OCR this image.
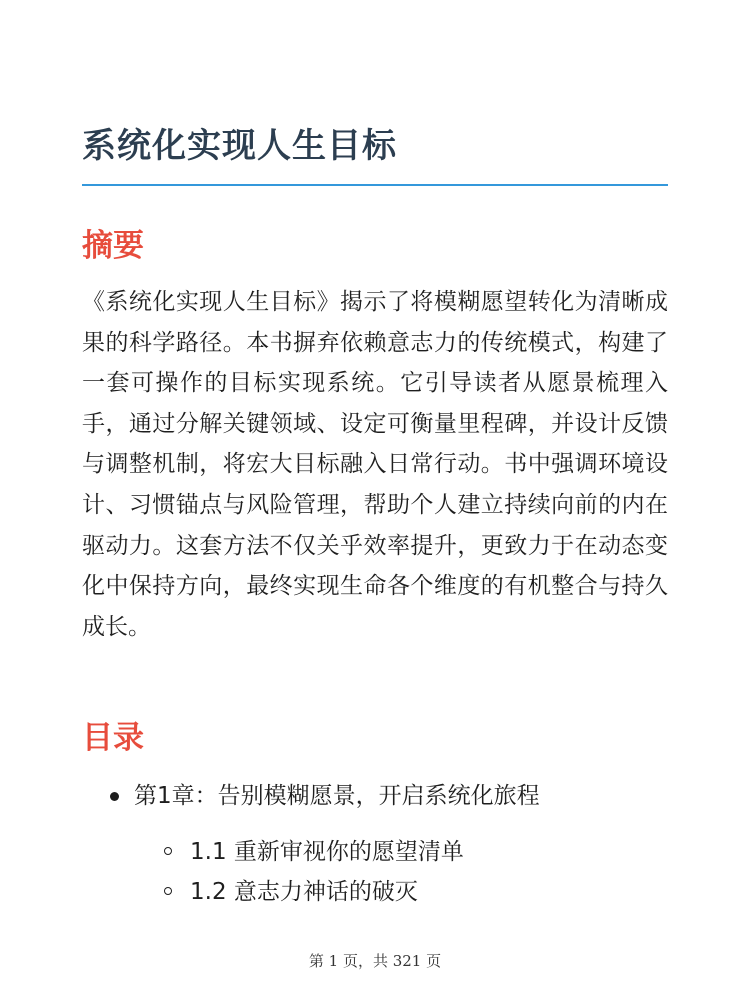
系统化实现人生目标
摘要

《系统化实现人生目标》揭示了将模糊愿望转化为清晰成果的科学路径。本书摒弃依赖意志力的传统模式，构建了一套可操作的目标实现系统。它引导读者从愿景梳理入手，通过分解关键领域、设定可衡量里程碑，并设计反馈与调整机制，将宏大目标融入日常行动。书中强调环境设计、习惯锚点与风险管理，帮助个人建立持续向前的内在驱动力。这套方法不仅关乎效率提升，更致力于在动态变化中保持方向，最终实现生命各个维度的有机整合与持久成长。

目录
第1章：告别模糊愿景，开启系统化旅程
1.1 重新审视你的愿望清单
1.2 意志力神话的破灭
第 1 页，共 321 页
